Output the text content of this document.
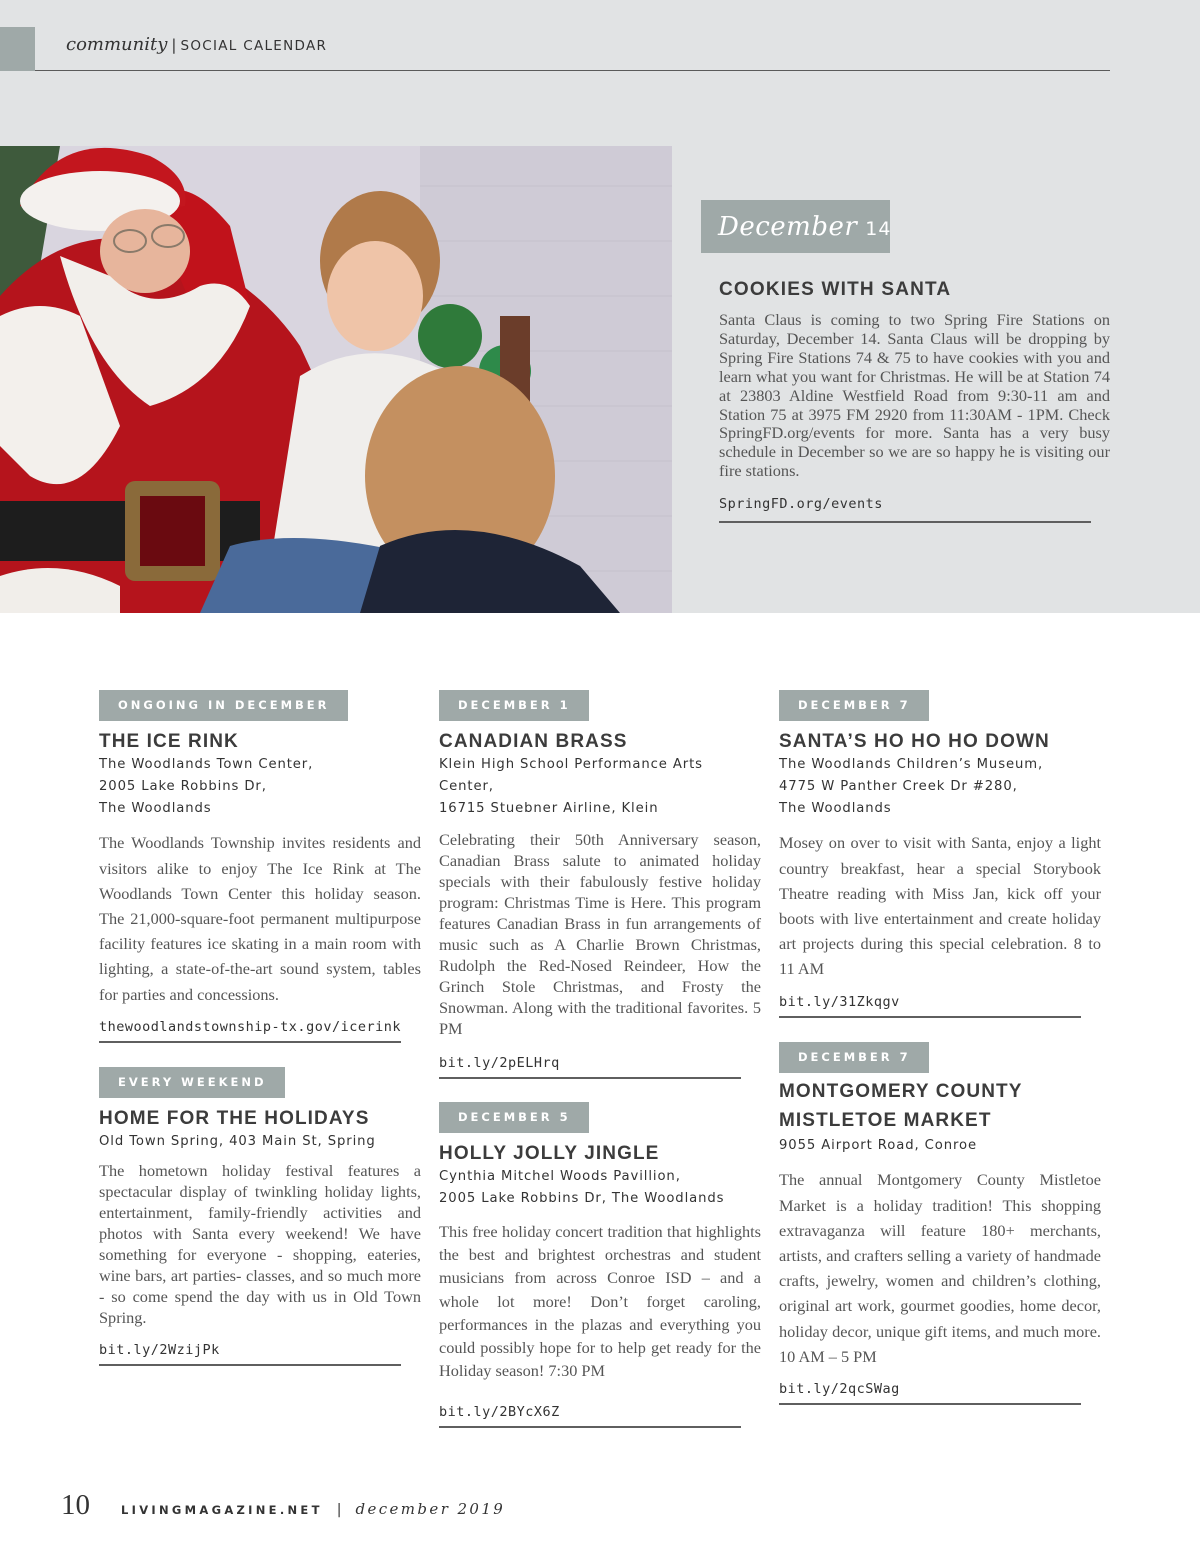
community | SOCIAL CALENDAR
December 14
COOKIES WITH SANTA
Santa Claus is coming to two Spring Fire Stations on Saturday, December 14. Santa Claus will be dropping by Spring Fire Stations 74 & 75 to have cookies with you and learn what you want for Christmas. He will be at Station 74 at 23803 Aldine Westfield Road from 9:30-11 am and Station 75 at 3975 FM 2920 from 11:30AM - 1PM. Check SpringFD.org/events for more. Santa has a very busy schedule in December so we are so happy he is visiting our fire stations.
SpringFD.org/events
ONGOING IN DECEMBER
THE ICE RINK
The Woodlands Town Center,
2005 Lake Robbins Dr,
The Woodlands
The Woodlands Township invites residents and visitors alike to enjoy The Ice Rink at The Woodlands Town Center this holiday season. The 21,000-square-foot permanent multipurpose facility features ice skating in a main room with lighting, a state-of-the-art sound system, tables for parties and concessions.
thewoodlandstownship-tx.gov/icerink
EVERY WEEKEND
HOME FOR THE HOLIDAYS
Old Town Spring, 403 Main St, Spring
The hometown holiday festival features a spectacular display of twinkling holiday lights, entertainment, family-friendly activities and photos with Santa every weekend! We have something for everyone - shopping, eateries, wine bars, art parties- classes, and so much more - so come spend the day with us in Old Town Spring.
bit.ly/2WzijPk
DECEMBER 1
CANADIAN BRASS
Klein High School Performance Arts Center,
16715 Stuebner Airline, Klein
Celebrating their 50th Anniversary season, Canadian Brass salute to animated holiday specials with their fabulously festive holiday program: Christmas Time is Here. This program features Canadian Brass in fun arrangements of music such as A Charlie Brown Christmas, Rudolph the Red-Nosed Reindeer, How the Grinch Stole Christmas, and Frosty the Snowman. Along with the traditional favorites. 5 PM
bit.ly/2pELHrq
DECEMBER 5
HOLLY JOLLY JINGLE
Cynthia Mitchel Woods Pavillion,
2005 Lake Robbins Dr, The Woodlands
This free holiday concert tradition that highlights the best and brightest orchestras and student musicians from across Conroe ISD – and a whole lot more! Don’t forget caroling, performances in the plazas and everything you could possibly hope for to help get ready for the Holiday season! 7:30 PM
bit.ly/2BYcX6Z
DECEMBER 7
SANTA’S HO HO HO DOWN
The Woodlands Children’s Museum,
4775 W Panther Creek Dr #280,
The Woodlands
Mosey on over to visit with Santa, enjoy a light country breakfast, hear a special Storybook Theatre reading with Miss Jan, kick off your boots with live entertainment and create holiday art projects during this special celebration. 8 to 11 AM
bit.ly/31Zkqgv
DECEMBER 7
MONTGOMERY COUNTY
MISTLETOE MARKET
9055 Airport Road, Conroe
The annual Montgomery County Mistletoe Market is a holiday tradition! This shopping extravaganza will feature 180+ merchants, artists, and crafters selling a variety of handmade crafts, jewelry, women and children’s clothing, original art work, gourmet goodies, home decor, holiday decor, unique gift items, and much more. 10 AM – 5 PM
bit.ly/2qcSWag
10	LIVINGMAGAZINE.NET | december 2019
